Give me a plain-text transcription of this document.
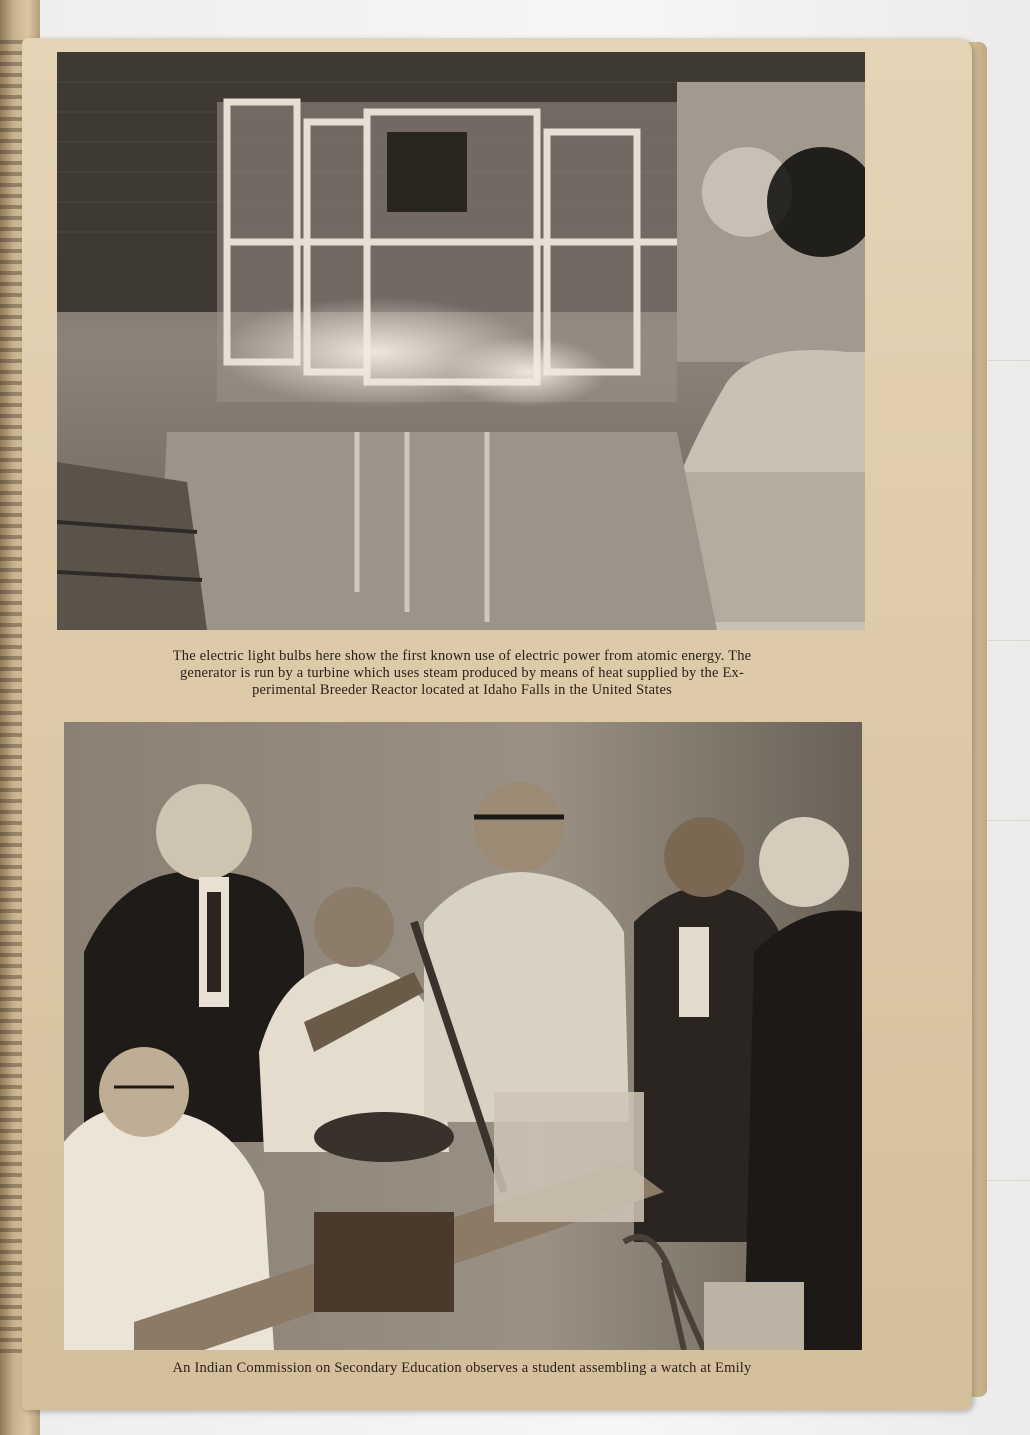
The electric light bulbs here show the first known use of electric power from atomic energy. The
generator is run by a turbine which uses steam produced by means of heat supplied by the Ex-
perimental Breeder Reactor located at Idaho Falls in the United States
An Indian Commission on Secondary Education observes a student assembling a watch at Emily
